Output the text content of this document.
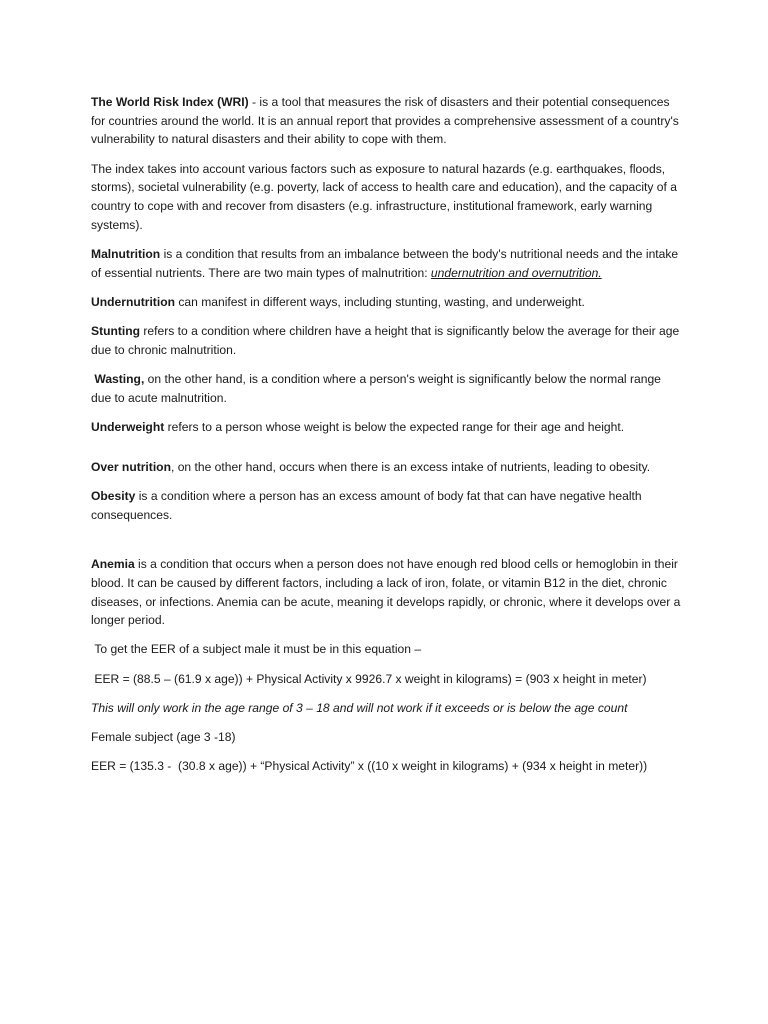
The World Risk Index (WRI) - is a tool that measures the risk of disasters and their potential consequences for countries around the world. It is an annual report that provides a comprehensive assessment of a country's vulnerability to natural disasters and their ability to cope with them.

The index takes into account various factors such as exposure to natural hazards (e.g. earthquakes, floods, storms), societal vulnerability (e.g. poverty, lack of access to health care and education), and the capacity of a country to cope with and recover from disasters (e.g. infrastructure, institutional framework, early warning systems).

Malnutrition is a condition that results from an imbalance between the body's nutritional needs and the intake of essential nutrients. There are two main types of malnutrition: undernutrition and overnutrition.

Undernutrition can manifest in different ways, including stunting, wasting, and underweight.

Stunting refers to a condition where children have a height that is significantly below the average for their age due to chronic malnutrition.

Wasting, on the other hand, is a condition where a person's weight is significantly below the normal range due to acute malnutrition.

Underweight refers to a person whose weight is below the expected range for their age and height.

Over nutrition, on the other hand, occurs when there is an excess intake of nutrients, leading to obesity.

Obesity is a condition where a person has an excess amount of body fat that can have negative health consequences.

Anemia is a condition that occurs when a person does not have enough red blood cells or hemoglobin in their blood. It can be caused by different factors, including a lack of iron, folate, or vitamin B12 in the diet, chronic diseases, or infections. Anemia can be acute, meaning it develops rapidly, or chronic, where it develops over a longer period.

To get the EER of a subject male it must be in this equation –

EER = (88.5 – (61.9 x age)) + Physical Activity x 9926.7 x weight in kilograms) = (903 x height in meter)

This will only work in the age range of 3 – 18 and will not work if it exceeds or is below the age count

Female subject (age 3 -18)

EER = (135.3 -  (30.8 x age)) + “Physical Activity” x ((10 x weight in kilograms) + (934 x height in meter))
